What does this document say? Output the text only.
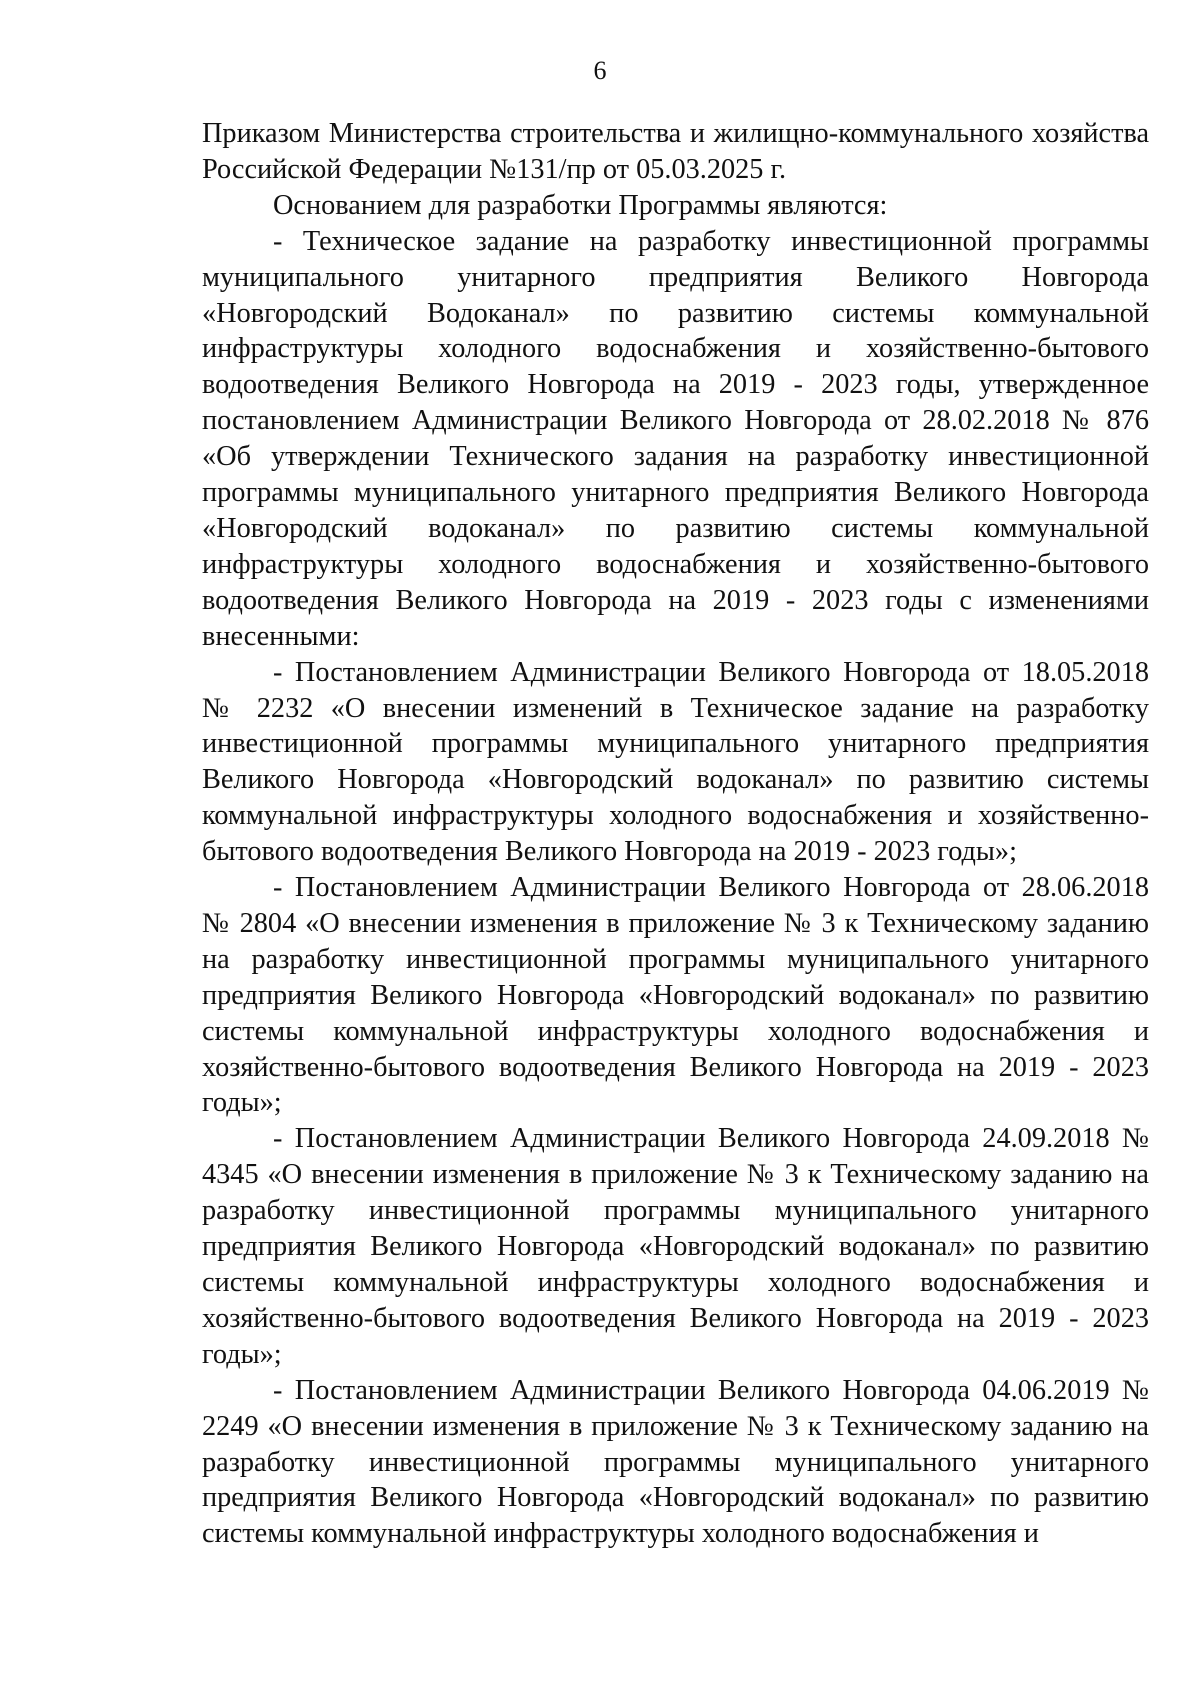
6

Приказом Министерства строительства и жилищно-коммунального хозяйства Российской Федерации №131/пр от 05.03.2025 г.

Основанием для разработки Программы являются:

- Техническое задание на разработку инвестиционной программы муниципального унитарного предприятия Великого Новгорода «Новгородский Водоканал» по развитию системы коммунальной инфраструктуры холодного водоснабжения и хозяйственно-бытового водоотведения Великого Новгорода на 2019 - 2023 годы, утвержденное постановлением Администрации Великого Новгорода от 28.02.2018 № 876 «Об утверждении Технического задания на разработку инвестиционной программы муниципального унитарного предприятия Великого Новгорода «Новгородский водоканал» по развитию системы коммунальной инфраструктуры холодного водоснабжения и хозяйственно-бытового водоотведения Великого Новгорода на 2019 - 2023 годы с изменениями внесенными:

- Постановлением Администрации Великого Новгорода от 18.05.2018 № 2232 «О внесении изменений в Техническое задание на разработку инвестиционной программы муниципального унитарного предприятия Великого Новгорода «Новгородский водоканал» по развитию системы коммунальной инфраструктуры холодного водоснабжения и хозяйственно-бытового водоотведения Великого Новгорода на 2019 - 2023 годы»;

- Постановлением Администрации Великого Новгорода от 28.06.2018 № 2804 «О внесении изменения в приложение № 3 к Техническому заданию на разработку инвестиционной программы муниципального унитарного предприятия Великого Новгорода «Новгородский водоканал» по развитию системы коммунальной инфраструктуры холодного водоснабжения и хозяйственно-бытового водоотведения Великого Новгорода на 2019 - 2023 годы»;

- Постановлением Администрации Великого Новгорода 24.09.2018 № 4345 «О внесении изменения в приложение № 3 к Техническому заданию на разработку инвестиционной программы муниципального унитарного предприятия Великого Новгорода «Новгородский водоканал» по развитию системы коммунальной инфраструктуры холодного водоснабжения и хозяйственно-бытового водоотведения Великого Новгорода на 2019 - 2023 годы»;

- Постановлением Администрации Великого Новгорода 04.06.2019 № 2249 «О внесении изменения в приложение № 3 к Техническому заданию на разработку инвестиционной программы муниципального унитарного предприятия Великого Новгорода «Новгородский водоканал» по развитию системы коммунальной инфраструктуры холодного водоснабжения и
